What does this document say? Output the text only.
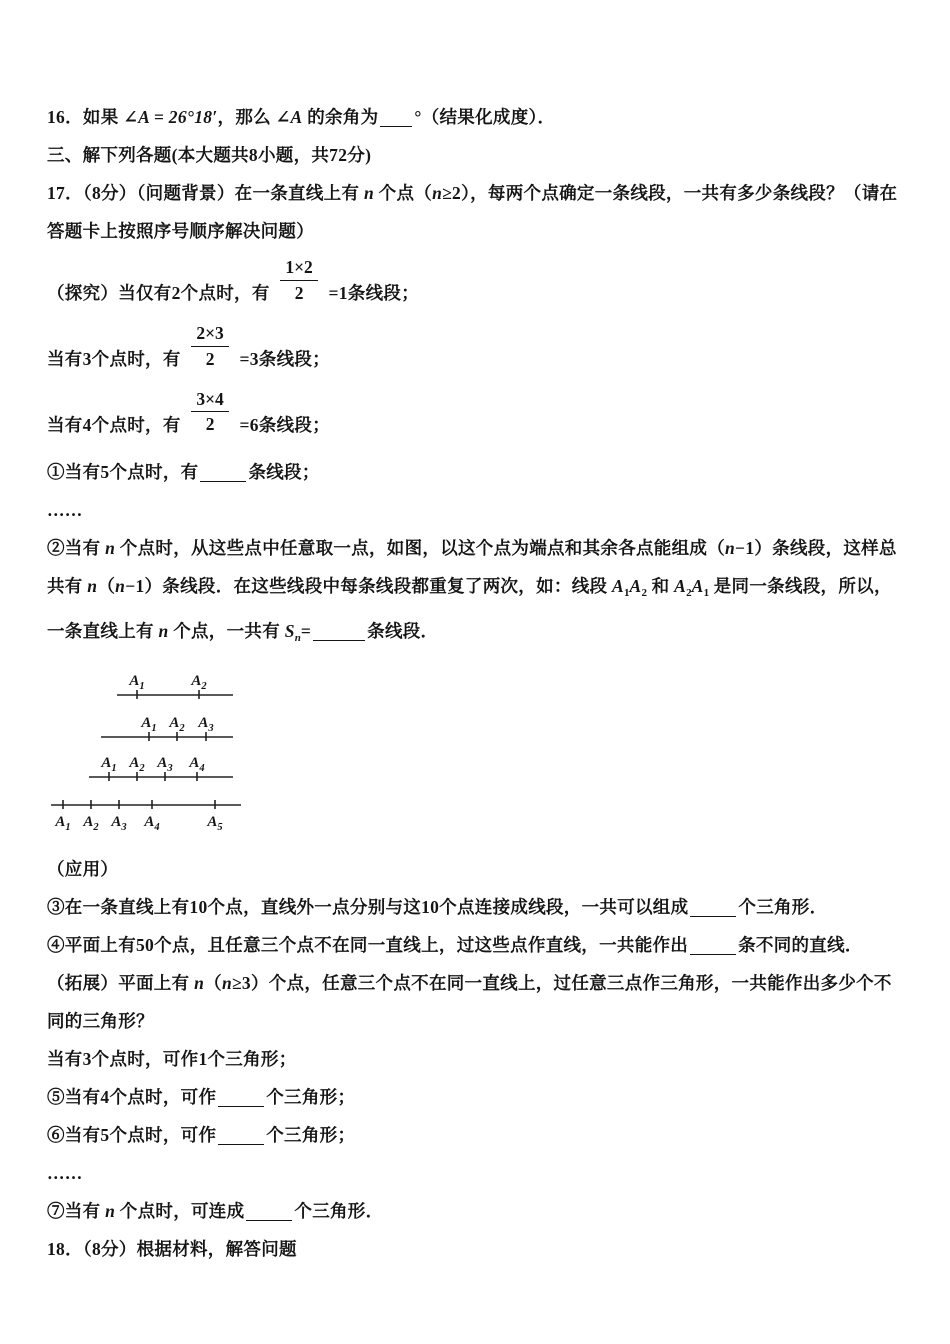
16．如果 ∠A = 26°18′，那么 ∠A 的余角为 °（结果化成度）．

三、解下列各题(本大题共8小题，共72分)

17．（8分）（问题背景）在一条直线上有 n 个点（n≥2），每两个点确定一条线段，一共有多少条线段？（请在答题卡上按照序号顺序解决问题）

（探究）当仅有2个点时，有 $\frac{1\times 2}{2} =1$条线段；

当有3个点时，有 $\frac{2\times 3}{2} =3$条线段；

当有4个点时，有 $\frac{3\times 4}{2} =6$条线段；

①当有5个点时，有	条线段；

……

②当有 n 个点时，从这些点中任意取一点，如图，以这个点为端点和其余各点能组成（n−1）条线段，这样总共有 n（n−1）条线段．在这些线段中每条线段都重复了两次，如：线段 $A_1A_2$ 和 $A_2A_1$ 是同一条线段，所以，一条直线上有 n 个点，一共有 $S_n=$	条线段．

$A_1$	$A_2$
$A_1$ $A_2$ $A_3$
$A_1$ $A_2$ $A_3$ $A_4$
$A_1$ $A_2$ $A_3$ $A_4$	$A_5$

（应用）

③在一条直线上有10个点，直线外一点分别与这10个点连接成线段，一共可以组成	个三角形．

④平面上有50个点，且任意三个点不在同一直线上，过这些点作直线，一共能作出	条不同的直线．

（拓展）平面上有 n（n≥3）个点，任意三个点不在同一直线上，过任意三点作三角形，一共能作出多少个不同的三角形？

当有3个点时，可作1个三角形；

⑤当有4个点时，可作	个三角形；

⑥当有5个点时，可作	个三角形；

……

⑦当有 n 个点时，可连成	个三角形．

18．（8分）根据材料，解答问题
